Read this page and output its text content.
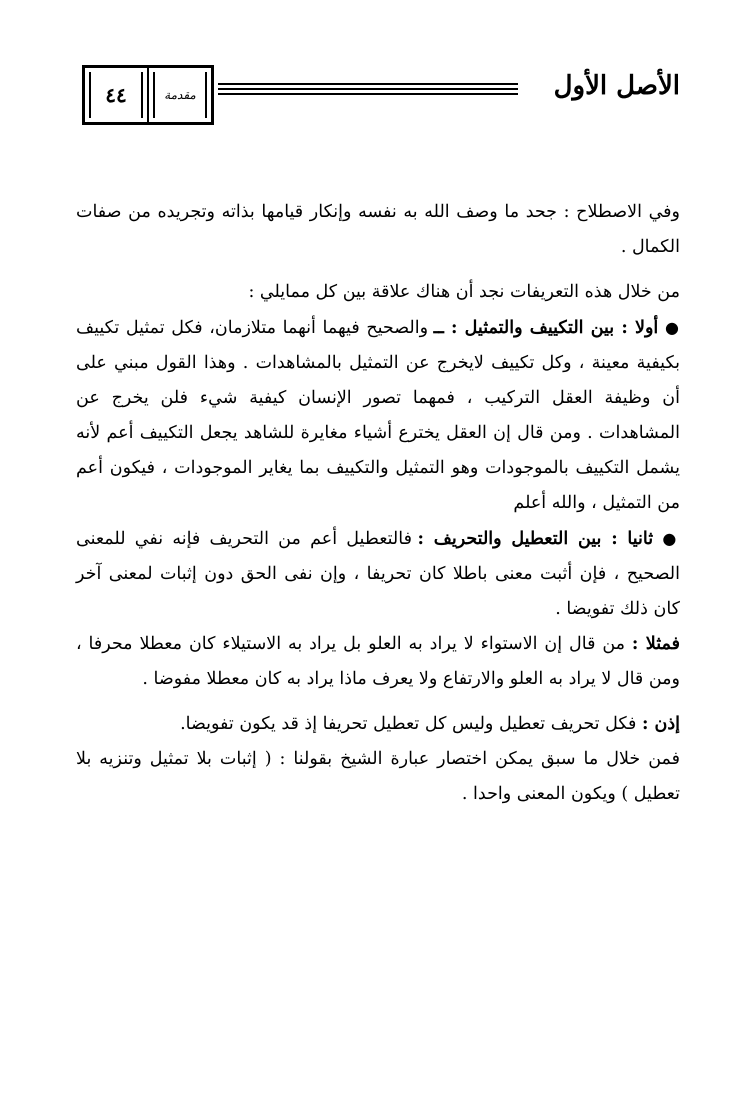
٤٤	مقدمة	الأصل الأول

وفي الاصطلاح : جحد ما وصف الله به نفسه وإنكار قيامها بذاته وتجريده من صفات الكمال .

من خلال هذه التعريفات نجد أن هناك علاقة بين كل ممايلي :

● أولا : بين التكييف والتمثيل : ــ والصحيح فيهما أنهما متلازمان، فكل تمثيل تكييف بكيفية معينة ، وكل تكييف لايخرج عن التمثيل بالمشاهدات . وهذا القول مبني على أن وظيفة العقل التركيب ، فمهما تصور الإنسان كيفية شيء فلن يخرج عن المشاهدات . ومن قال إن العقل يخترع أشياء مغايرة للشاهد يجعل التكييف أعم لأنه يشمل التكييف بالموجودات وهو التمثيل والتكييف بما يغاير الموجودات ، فيكون أعم من التمثيل ، والله أعلم

● ثانيا : بين التعطيل والتحريف : فالتعطيل أعم من التحريف فإنه نفي للمعنى الصحيح ، فإن أثبت معنى باطلا كان تحريفا ، وإن نفى الحق دون إثبات لمعنى آخر كان ذلك تفويضا .

فمثلا : من قال إن الاستواء لا يراد به العلو بل يراد به الاستيلاء كان معطلا محرفا ، ومن قال لا يراد به العلو والارتفاع ولا يعرف ماذا يراد به كان معطلا مفوضا .

إذن : فكل تحريف تعطيل وليس كل تعطيل تحريفا إذ قد يكون تفويضا.

فمن خلال ما سبق يمكن اختصار عبارة الشيخ بقولنا : ( إثبات بلا تمثيل وتنزيه بلا تعطيل ) ويكون المعنى واحدا .
